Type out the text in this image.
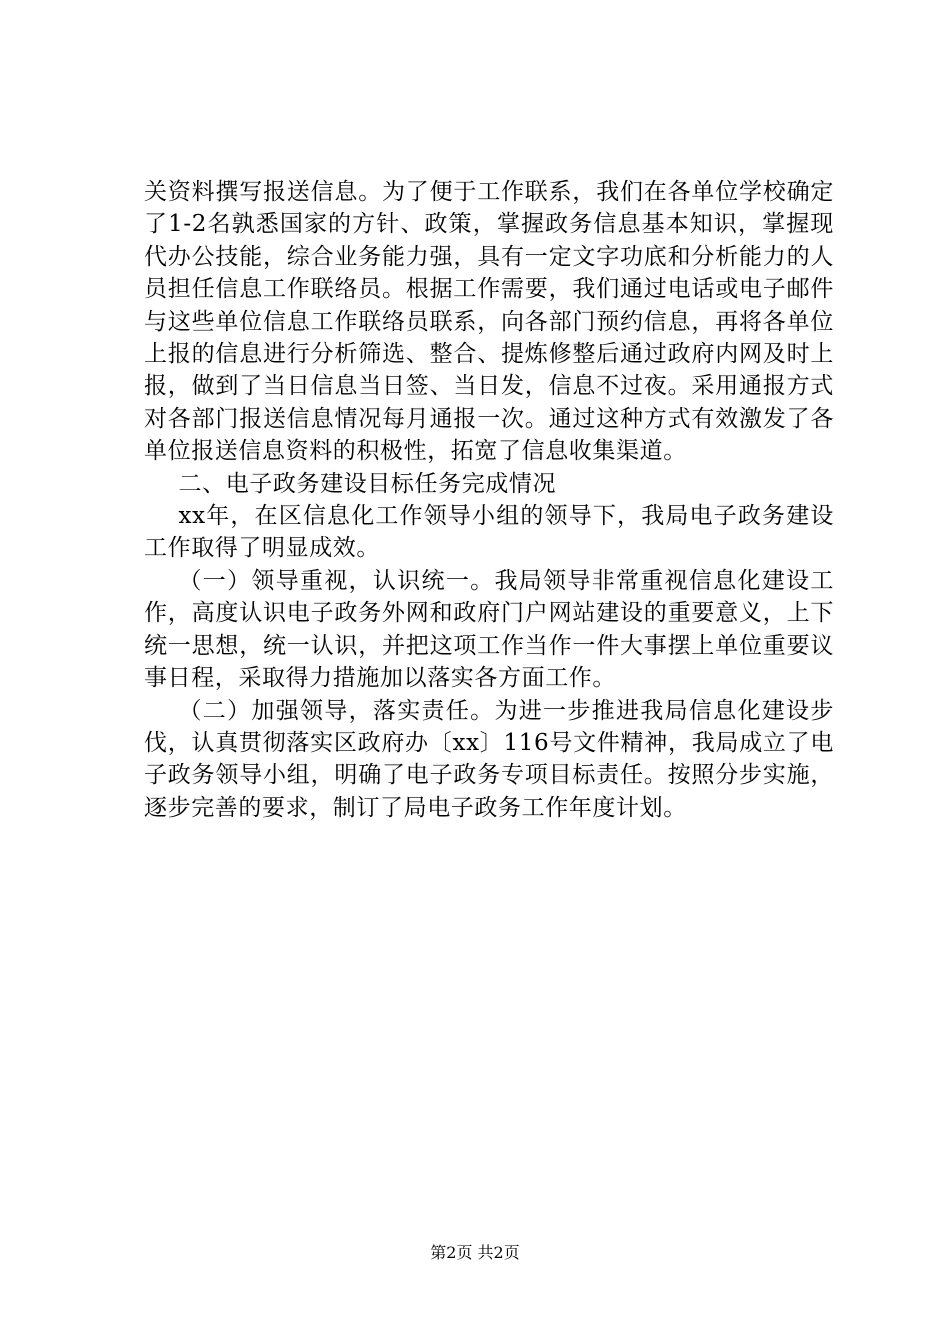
关资料撰写报送信息。为了便于工作联系，我们在各单位学校确定了1-2名孰悉国家的方针、政策，掌握政务信息基本知识，掌握现代办公技能，综合业务能力强，具有一定文字功底和分析能力的人员担任信息工作联络员。根据工作需要，我们通过电话或电子邮件与这些单位信息工作联络员联系，向各部门预约信息，再将各单位上报的信息进行分析筛选、整合、提炼修整后通过政府内网及时上报，做到了当日信息当日签、当日发，信息不过夜。采用通报方式对各部门报送信息情况每月通报一次。通过这种方式有效激发了各单位报送信息资料的积极性，拓宽了信息收集渠道。

二、电子政务建设目标任务完成情况

xx年，在区信息化工作领导小组的领导下，我局电子政务建设工作取得了明显成效。

（一）领导重视，认识统一。我局领导非常重视信息化建设工作，高度认识电子政务外网和政府门户网站建设的重要意义，上下统一思想，统一认识，并把这项工作当作一件大事摆上单位重要议事日程，采取得力措施加以落实各方面工作。

（二）加强领导，落实责任。为进一步推进我局信息化建设步伐，认真贯彻落实区政府办〔xx〕116号文件精神，我局成立了电子政务领导小组，明确了电子政务专项目标责任。按照分步实施，逐步完善的要求，制订了局电子政务工作年度计划。

第2页 共2页
